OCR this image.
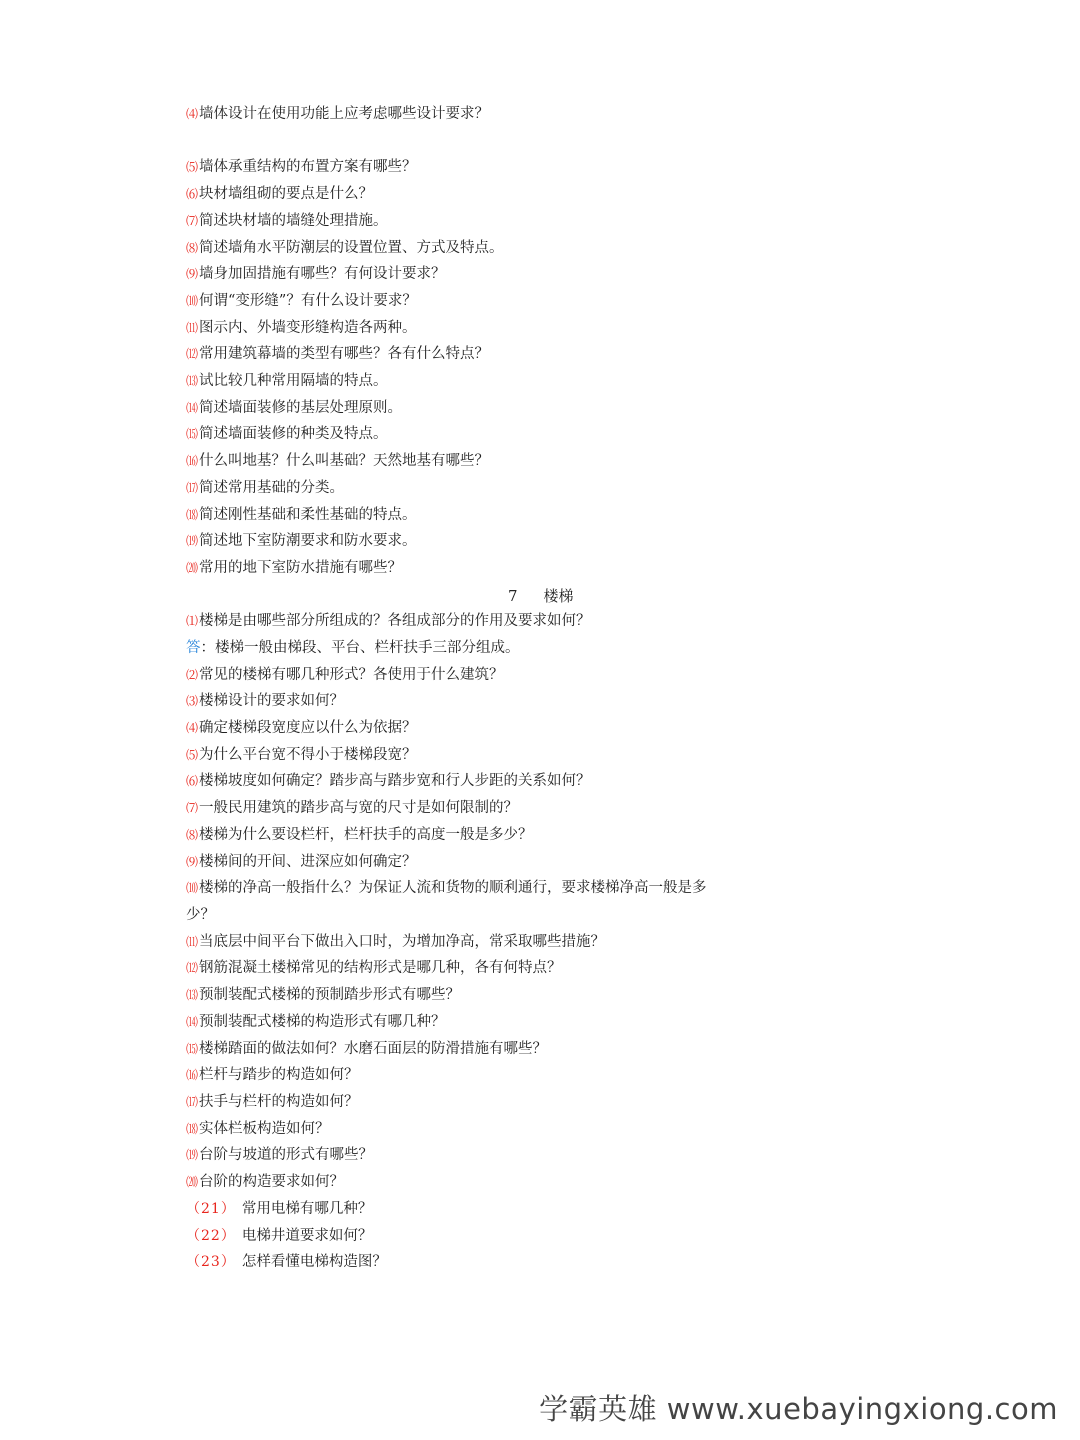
⑷墙体设计在使用功能上应考虑哪些设计要求？
⑸墙体承重结构的布置方案有哪些？
⑹块材墙组砌的要点是什么？
⑺简述块材墙的墙缝处理措施。
⑻简述墙角水平防潮层的设置位置、方式及特点。
⑼墙身加固措施有哪些？有何设计要求？
⑽何谓“变形缝”？有什么设计要求？
⑾图示内、外墙变形缝构造各两种。
⑿常用建筑幕墙的类型有哪些？各有什么特点？
⒀试比较几种常用隔墙的特点。
⒁简述墙面装修的基层处理原则。
⒂简述墙面装修的种类及特点。
⒃什么叫地基？什么叫基础？天然地基有哪些？
⒄简述常用基础的分类。
⒅简述刚性基础和柔性基础的特点。
⒆简述地下室防潮要求和防水要求。
⒇常用的地下室防水措施有哪些？
7 楼梯
⑴楼梯是由哪些部分所组成的？各组成部分的作用及要求如何？
答：楼梯一般由梯段、平台、栏杆扶手三部分组成。
⑵常见的楼梯有哪几种形式？各使用于什么建筑？
⑶楼梯设计的要求如何？
⑷确定楼梯段宽度应以什么为依据？
⑸为什么平台宽不得小于楼梯段宽？
⑹楼梯坡度如何确定？踏步高与踏步宽和行人步距的关系如何？
⑺一般民用建筑的踏步高与宽的尺寸是如何限制的？
⑻楼梯为什么要设栏杆，栏杆扶手的高度一般是多少？
⑼楼梯间的开间、进深应如何确定？
⑽楼梯的净高一般指什么？为保证人流和货物的顺利通行，要求楼梯净高一般是多
少？
⑾当底层中间平台下做出入口时，为增加净高，常采取哪些措施？
⑿钢筋混凝土楼梯常见的结构形式是哪几种，各有何特点？
⒀预制装配式楼梯的预制踏步形式有哪些？
⒁预制装配式楼梯的构造形式有哪几种？
⒂楼梯踏面的做法如何？水磨石面层的防滑措施有哪些？
⒃栏杆与踏步的构造如何？
⒄扶手与栏杆的构造如何？
⒅实体栏板构造如何？
⒆台阶与坡道的形式有哪些？
⒇台阶的构造要求如何？
（21） 常用电梯有哪几种？
（22） 电梯井道要求如何？
（23） 怎样看懂电梯构造图？
学霸英雄 www.xuebayingxiong.com
